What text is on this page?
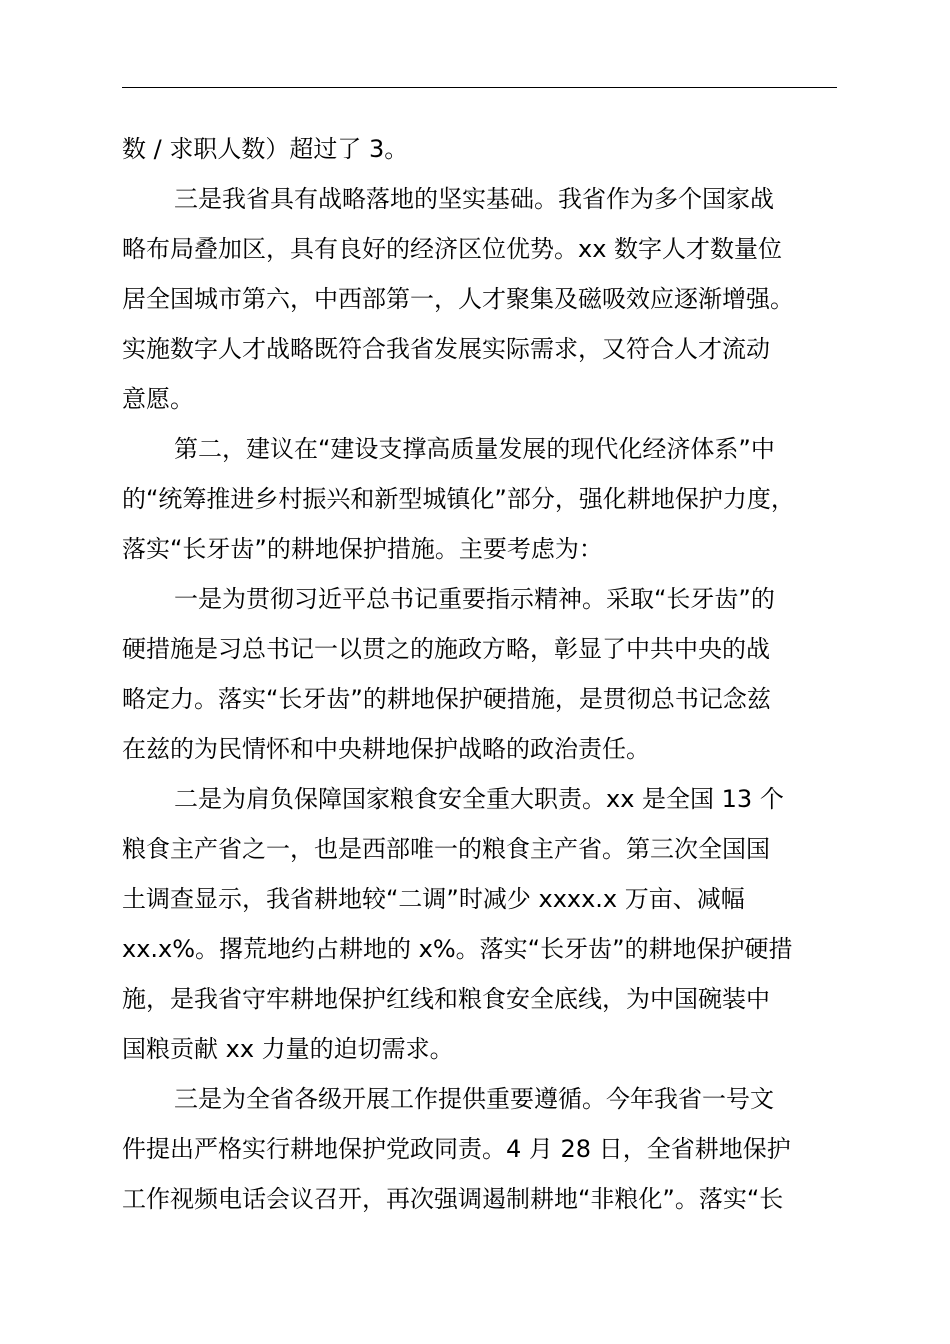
数 / 求职人数）超过了 3。
三是我省具有战略落地的坚实基础。我省作为多个国家战
略布局叠加区，具有良好的经济区位优势。xx 数字人才数量位
居全国城市第六，中西部第一，人才聚集及磁吸效应逐渐增强。
实施数字人才战略既符合我省发展实际需求，又符合人才流动
意愿。
第二，建议在“建设支撑高质量发展的现代化经济体系”中
的“统筹推进乡村振兴和新型城镇化”部分，强化耕地保护力度，
落实“长牙齿”的耕地保护措施。主要考虑为：
一是为贯彻习近平总书记重要指示精神。采取“长牙齿”的
硬措施是习总书记一以贯之的施政方略，彰显了中共中央的战
略定力。落实“长牙齿”的耕地保护硬措施，是贯彻总书记念兹
在兹的为民情怀和中央耕地保护战略的政治责任。
二是为肩负保障国家粮食安全重大职责。xx 是全国 13 个
粮食主产省之一，也是西部唯一的粮食主产省。第三次全国国
土调查显示，我省耕地较“二调”时减少 xxxx.x 万亩、减幅
xx.x%。撂荒地约占耕地的 x%。落实“长牙齿”的耕地保护硬措
施，是我省守牢耕地保护红线和粮食安全底线，为中国碗装中
国粮贡献 xx 力量的迫切需求。
三是为全省各级开展工作提供重要遵循。今年我省一号文
件提出严格实行耕地保护党政同责。4 月 28 日，全省耕地保护
工作视频电话会议召开，再次强调遏制耕地“非粮化”。落实“长
